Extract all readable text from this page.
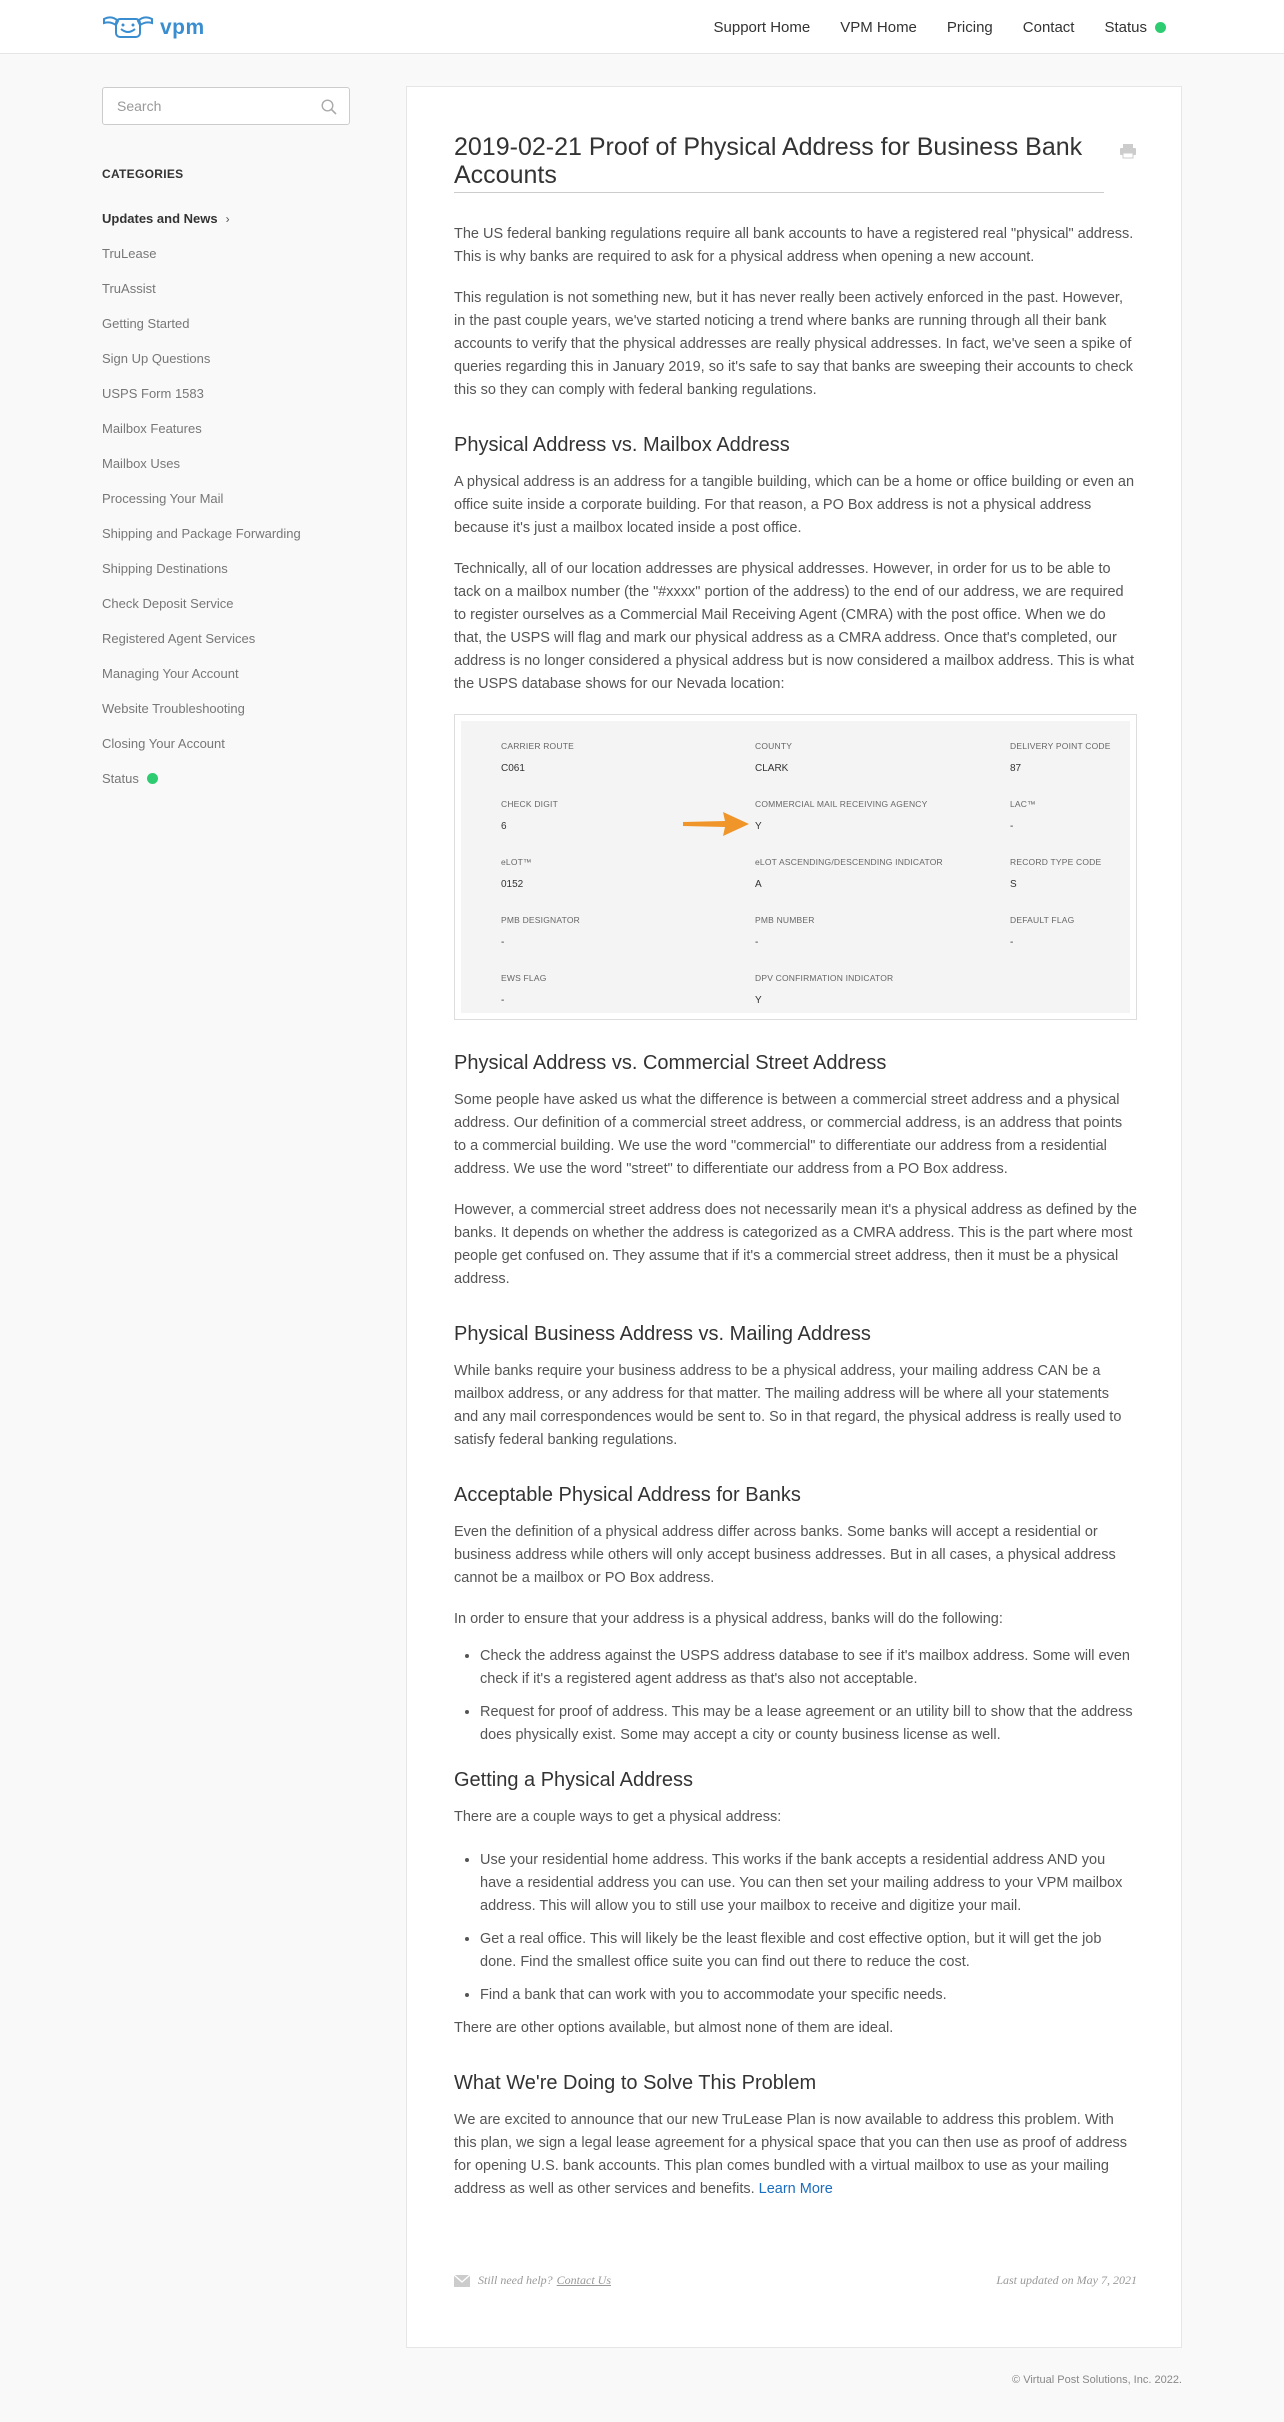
vpm	Support Home VPM Home Pricing Contact Status
Search
CATEGORIES
Updates and News ›
TruLease
TruAssist
Getting Started
Sign Up Questions
USPS Form 1583
Mailbox Features
Mailbox Uses
Processing Your Mail
Shipping and Package Forwarding
Shipping Destinations
Check Deposit Service
Registered Agent Services
Managing Your Account
Website Troubleshooting
Closing Your Account
Status
2019-02-21 Proof of Physical Address for Business Bank Accounts

The US federal banking regulations require all bank accounts to have a registered real "physical" address. This is why banks are required to ask for a physical address when opening a new account.

This regulation is not something new, but it has never really been actively enforced in the past. However, in the past couple years, we've started noticing a trend where banks are running through all their bank accounts to verify that the physical addresses are really physical addresses. In fact, we've seen a spike of queries regarding this in January 2019, so it's safe to say that banks are sweeping their accounts to check this so they can comply with federal banking regulations.

Physical Address vs. Mailbox Address

A physical address is an address for a tangible building, which can be a home or office building or even an office suite inside a corporate building. For that reason, a PO Box address is not a physical address because it's just a mailbox located inside a post office.

Technically, all of our location addresses are physical addresses. However, in order for us to be able to tack on a mailbox number (the "#xxxx" portion of the address) to the end of our address, we are required to register ourselves as a Commercial Mail Receiving Agent (CMRA) with the post office. When we do that, the USPS will flag and mark our physical address as a CMRA address. Once that's completed, our address is no longer considered a physical address but is now considered a mailbox address. This is what the USPS database shows for our Nevada location:

CARRIER ROUTE
C061
COUNTY
CLARK
DELIVERY POINT CODE
87
CHECK DIGIT
6
COMMERCIAL MAIL RECEIVING AGENCY
Y
LAC™
-
eLOT™
0152
eLOT ASCENDING/DESCENDING INDICATOR
A
RECORD TYPE CODE
S
PMB DESIGNATOR
-
PMB NUMBER
-
DEFAULT FLAG
-
EWS FLAG
-
DPV CONFIRMATION INDICATOR
Y
Physical Address vs. Commercial Street Address

Some people have asked us what the difference is between a commercial street address and a physical address. Our definition of a commercial street address, or commercial address, is an address that points to a commercial building. We use the word "commercial" to differentiate our address from a residential address. We use the word "street" to differentiate our address from a PO Box address.

However, a commercial street address does not necessarily mean it's a physical address as defined by the banks. It depends on whether the address is categorized as a CMRA address. This is the part where most people get confused on. They assume that if it's a commercial street address, then it must be a physical address.

Physical Business Address vs. Mailing Address

While banks require your business address to be a physical address, your mailing address CAN be a mailbox address, or any address for that matter. The mailing address will be where all your statements and any mail correspondences would be sent to. So in that regard, the physical address is really used to satisfy federal banking regulations.

Acceptable Physical Address for Banks

Even the definition of a physical address differ across banks. Some banks will accept a residential or business address while others will only accept business addresses. But in all cases, a physical address cannot be a mailbox or PO Box address.

In order to ensure that your address is a physical address, banks will do the following:

• Check the address against the USPS address database to see if it's mailbox address. Some will even check if it's a registered agent address as that's also not acceptable.
• Request for proof of address. This may be a lease agreement or an utility bill to show that the address does physically exist. Some may accept a city or county business license as well.
Getting a Physical Address

There are a couple ways to get a physical address:

• Use your residential home address. This works if the bank accepts a residential address AND you have a residential address you can use. You can then set your mailing address to your VPM mailbox address. This will allow you to still use your mailbox to receive and digitize your mail.
• Get a real office. This will likely be the least flexible and cost effective option, but it will get the job done. Find the smallest office suite you can find out there to reduce the cost.
• Find a bank that can work with you to accommodate your specific needs.

There are other options available, but almost none of them are ideal.

What We're Doing to Solve This Problem

We are excited to announce that our new TruLease Plan is now available to address this problem. With this plan, we sign a legal lease agreement for a physical space that you can then use as proof of address for opening U.S. bank accounts. This plan comes bundled with a virtual mailbox to use as your mailing address as well as other services and benefits. Learn More

Still need help? Contact Us	Last updated on May 7, 2021
© Virtual Post Solutions, Inc. 2022.
